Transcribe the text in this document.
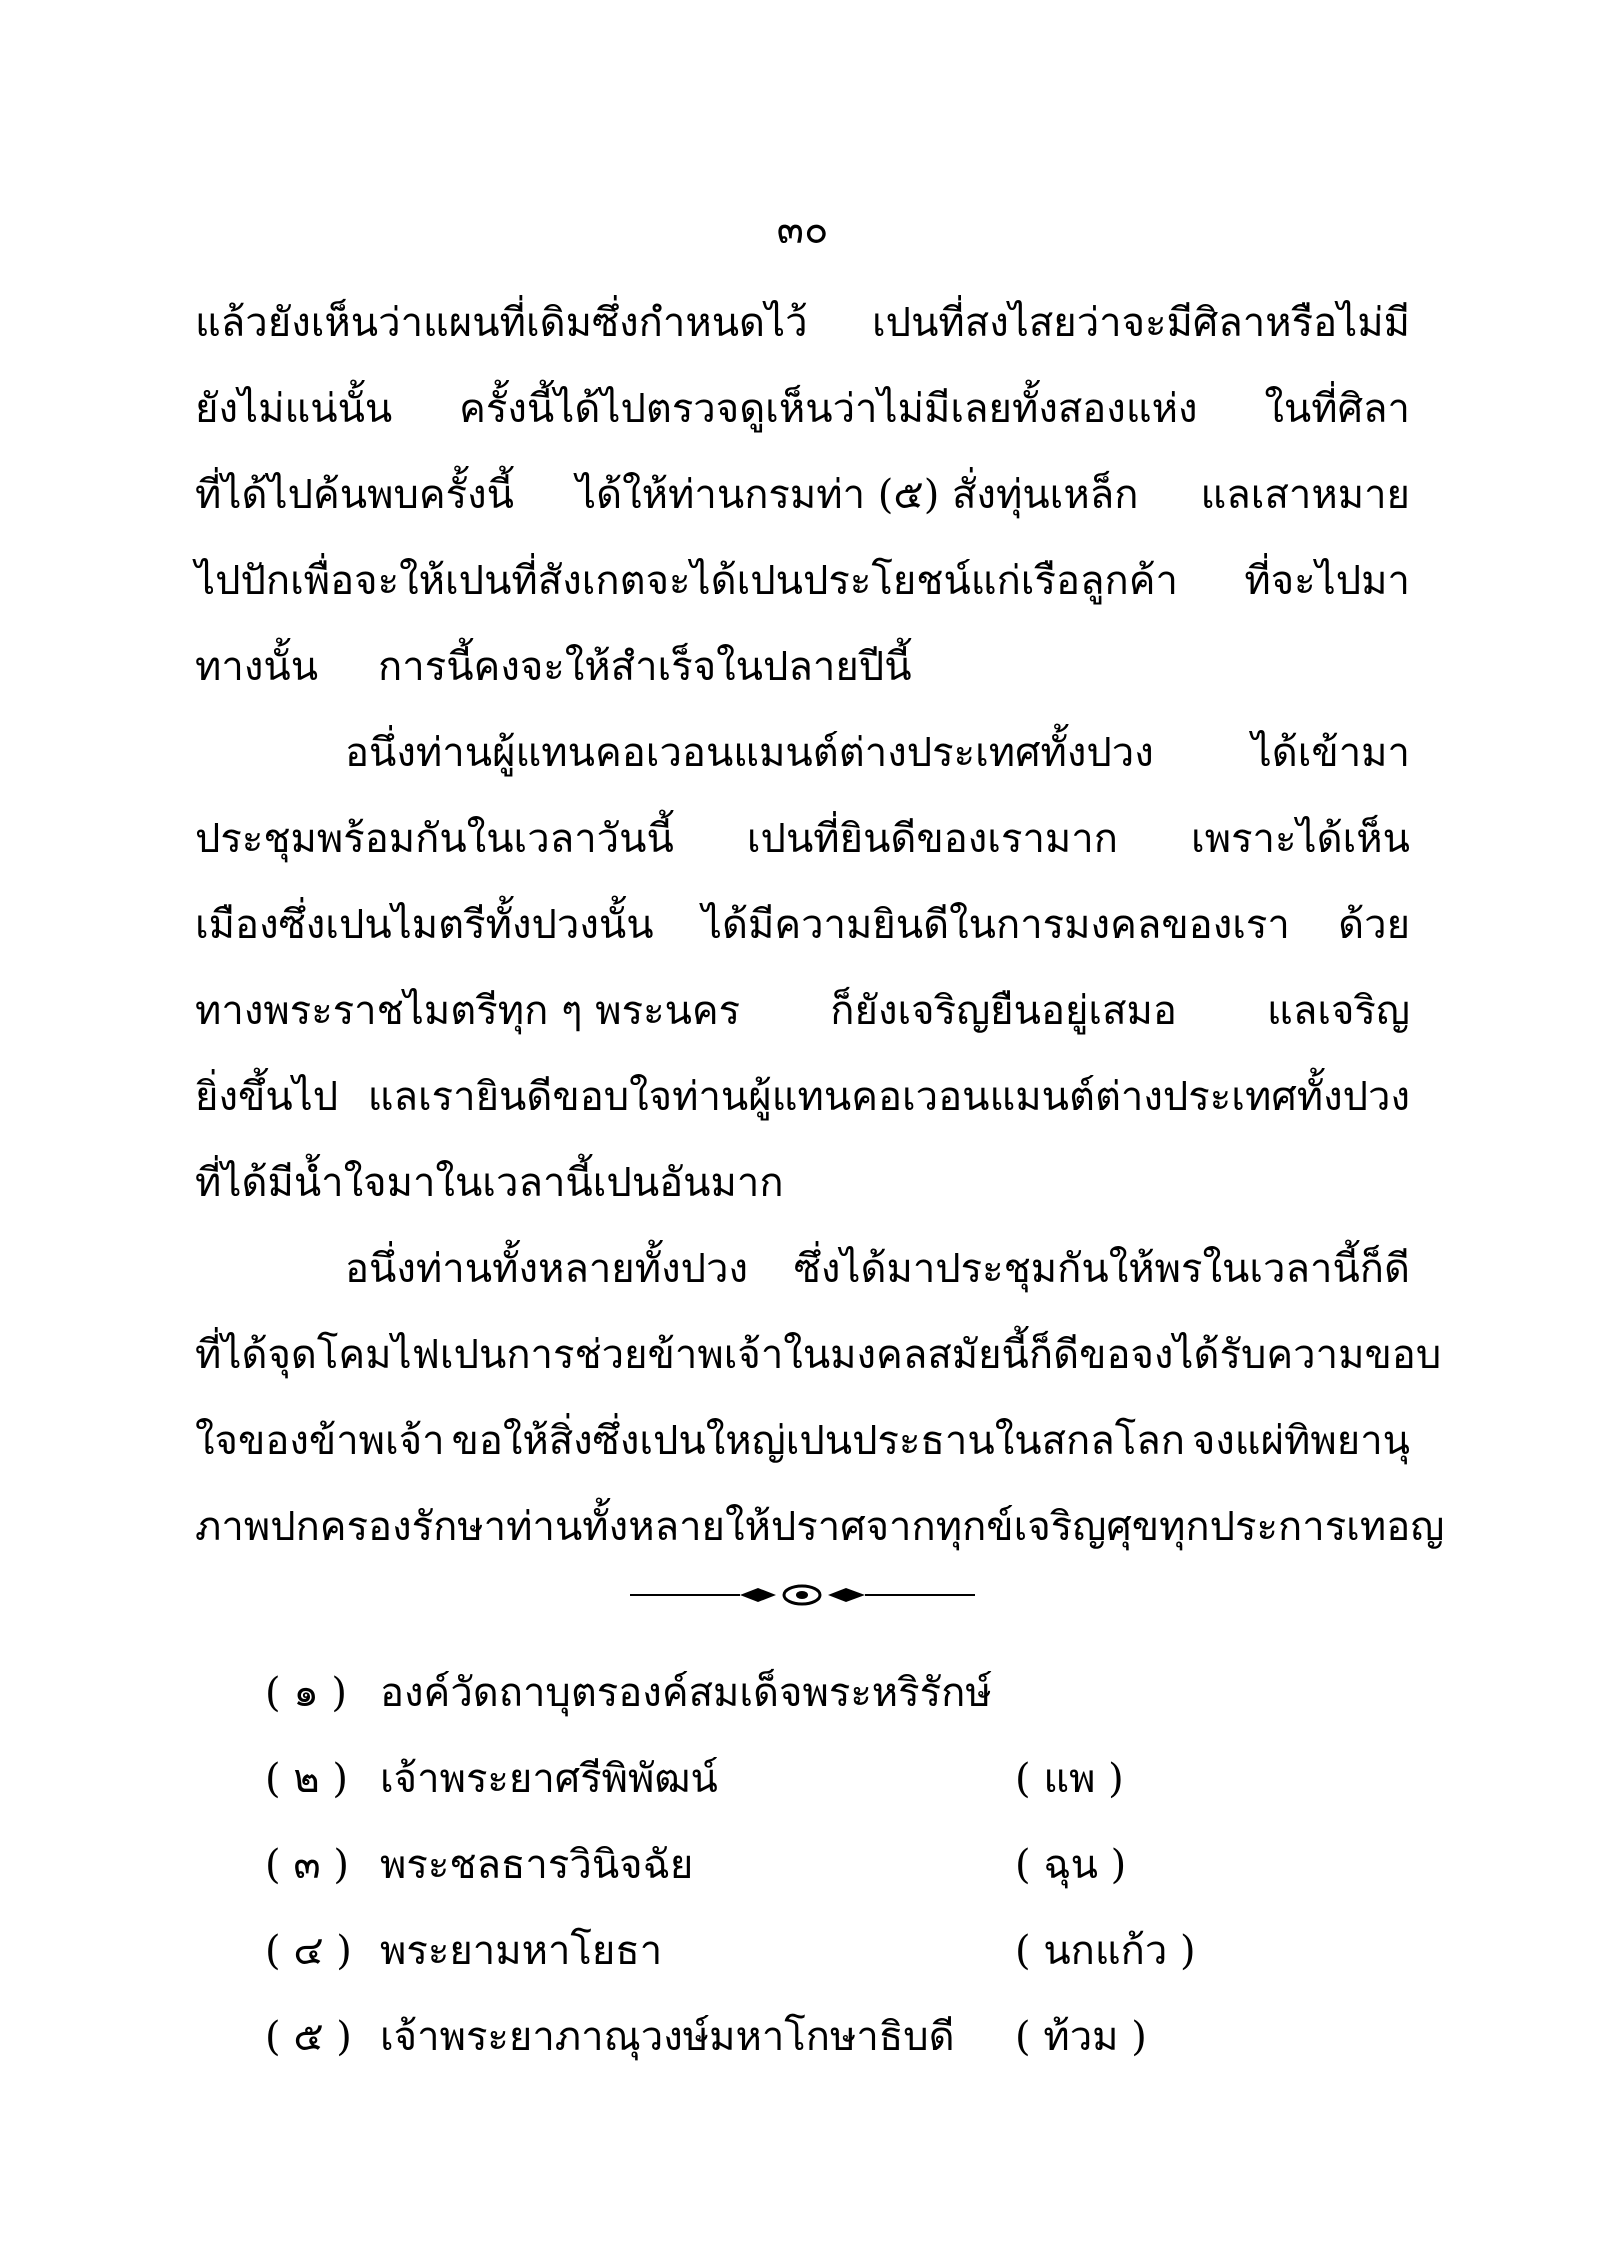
๓๐
แล้วยังเห็นว่าแผนที่เดิมซึ่งกำหนดไว้ เปนที่สงไสยว่าจะมีศิลาหรือไม่มี
ยังไม่แน่นั้น ครั้งนี้ได้ไปตรวจดูเห็นว่าไม่มีเลยทั้งสองแห่ง ในที่ศิลา
ที่ได้ไปค้นพบครั้งนี้ ได้ให้ท่านกรมท่า (๕) สั่งทุ่นเหล็ก แลเสาหมาย
ไปปักเพื่อจะให้เปนที่สังเกตจะได้เปนประโยชน์แก่เรือลูกค้า ที่จะไปมา
ทางนั้น การนี้คงจะให้สำเร็จในปลายปีนี้
อนึ่งท่านผู้แทนคอเวอนแมนต์ต่างประเทศทั้งปวง ได้เข้ามา
ประชุมพร้อมกันในเวลาวันนี้ เปนที่ยินดีของเรามาก เพราะได้เห็น
เมืองซึ่งเปนไมตรีทั้งปวงนั้น ได้มีความยินดีในการมงคลของเรา ด้วย
ทางพระราชไมตรีทุก ๆ พระนคร ก็ยังเจริญยืนอยู่เสมอ แลเจริญ
ยิ่งขึ้นไป แลเรายินดีขอบใจท่านผู้แทนคอเวอนแมนต์ต่างประเทศทั้งปวง
ที่ได้มีน้ำใจมาในเวลานี้เปนอันมาก
อนึ่งท่านทั้งหลายทั้งปวง ซึ่งได้มาประชุมกันให้พรในเวลานี้ก็ดี
ที่ได้จุดโคมไฟเปนการช่วยข้าพเจ้าในมงคลสมัยนี้ก็ดี ขอจงได้รับความขอบ
ใจของข้าพเจ้า ขอให้สิ่งซึ่งเปนใหญ่เปนประธานในสกลโลก จงแผ่ทิพยานุ
ภาพปกครองรักษาท่านทั้งหลายให้ปราศจากทุกข์เจริญศุขทุกประการเทอญ
( ๑ ) องค์วัดถาบุตรองค์สมเด็จพระหริรักษ์
( ๒ ) เจ้าพระยาศรีพิพัฒน์	( แพ )
( ๓ ) พระชลธารวินิจฉัย	( ฉุน )
( ๔ ) พระยามหาโยธา	( นกแก้ว )
( ๕ ) เจ้าพระยาภาณุวงษ์มหาโกษาธิบดี ( ท้วม )
